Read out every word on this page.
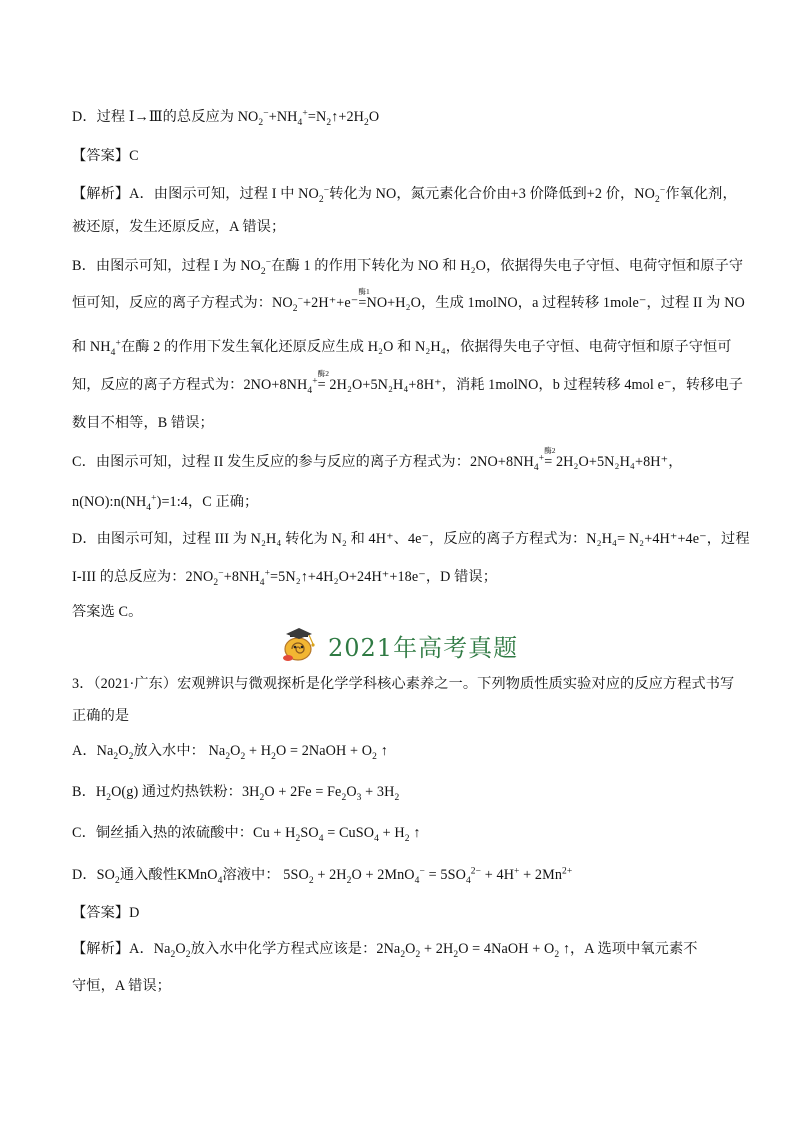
D．过程 Ⅰ→Ⅲ的总反应为 $NO_2^-+NH_4^+=N_2↑+2H_2O$
【答案】C
【解析】A．由图示可知，过程 I 中 $NO_2^-$转化为 NO，氮元素化合价由+3 价降低到+2 价，$NO_2^-$作氧化剂，
被还原，发生还原反应，A 错误；
B．由图示可知，过程 I 为 $NO_2^-$在酶 1 的作用下转化为 NO 和 H₂O，依据得失电子守恒、电荷守恒和原子守
恒可知，反应的离子方程式为：$NO_2^-+2H^++e^-$
酶1
=NO+H₂O，生成 1molNO，a 过程转移 1mole⁻，过程 II 为 NO
和 $NH_4^+$在酶 2 的作用下发生氧化还原反应生成 H₂O 和 N₂H₄，依据得失电子守恒、电荷守恒和原子守恒可
知，反应的离子方程式为：$2NO+8NH_4^+$
酶2
= 2H₂O+5N₂H₄+8H⁺，消耗 1molNO，b 过程转移 4mol e⁻，转移电子
数目不相等，B 错误；
C．由图示可知，过程 II 发生反应的参与反应的离子方程式为：$2NO+8NH_4^+$
酶2
= 2H₂O+5N₂H₄+8H⁺，
$n(NO):n(NH_4^+)=1:4$，C 正确；
D．由图示可知，过程 III 为 N₂H₄ 转化为 N₂ 和 4H⁺、4e⁻，反应的离子方程式为：N₂H₄= N₂+4H⁺+4e⁻，过程
I-III 的总反应为：$2NO_2^-+8NH_4^+=5N_2↑+4H_2O+24H^++18e^-$，D 错误；
答案选 C。
2021年高考真题
3．（2021·广东）宏观辨识与微观探析是化学学科核心素养之一。下列物质性质实验对应的反应方程式书写
正确的是
A．$Na_2O_2$放入水中： $Na_2O_2 + H_2O$ = 2NaOH + $O_2$ ↑
B．$H_2O(g)$ 通过灼热铁粉：$3H_2O + 2Fe = Fe_2O_3 + 3H_2$
C．铜丝插入热的浓硫酸中：$Cu + H_2SO_4$ = CuSO$_4$ + $H_2$ ↑
D．$SO_2$通入酸性KMnO$_4$溶液中： $5SO_2 + 2H_2O + 2MnO_4^- = 5SO_4^{2-} + 4H^+ + 2Mn^{2+}$
【答案】D
【解析】A．$Na_2O_2$放入水中化学方程式应该是：$2Na_2O_2 + 2H_2O$ = 4NaOH + $O_2$ ↑，A 选项中氧元素不
守恒，A 错误；
